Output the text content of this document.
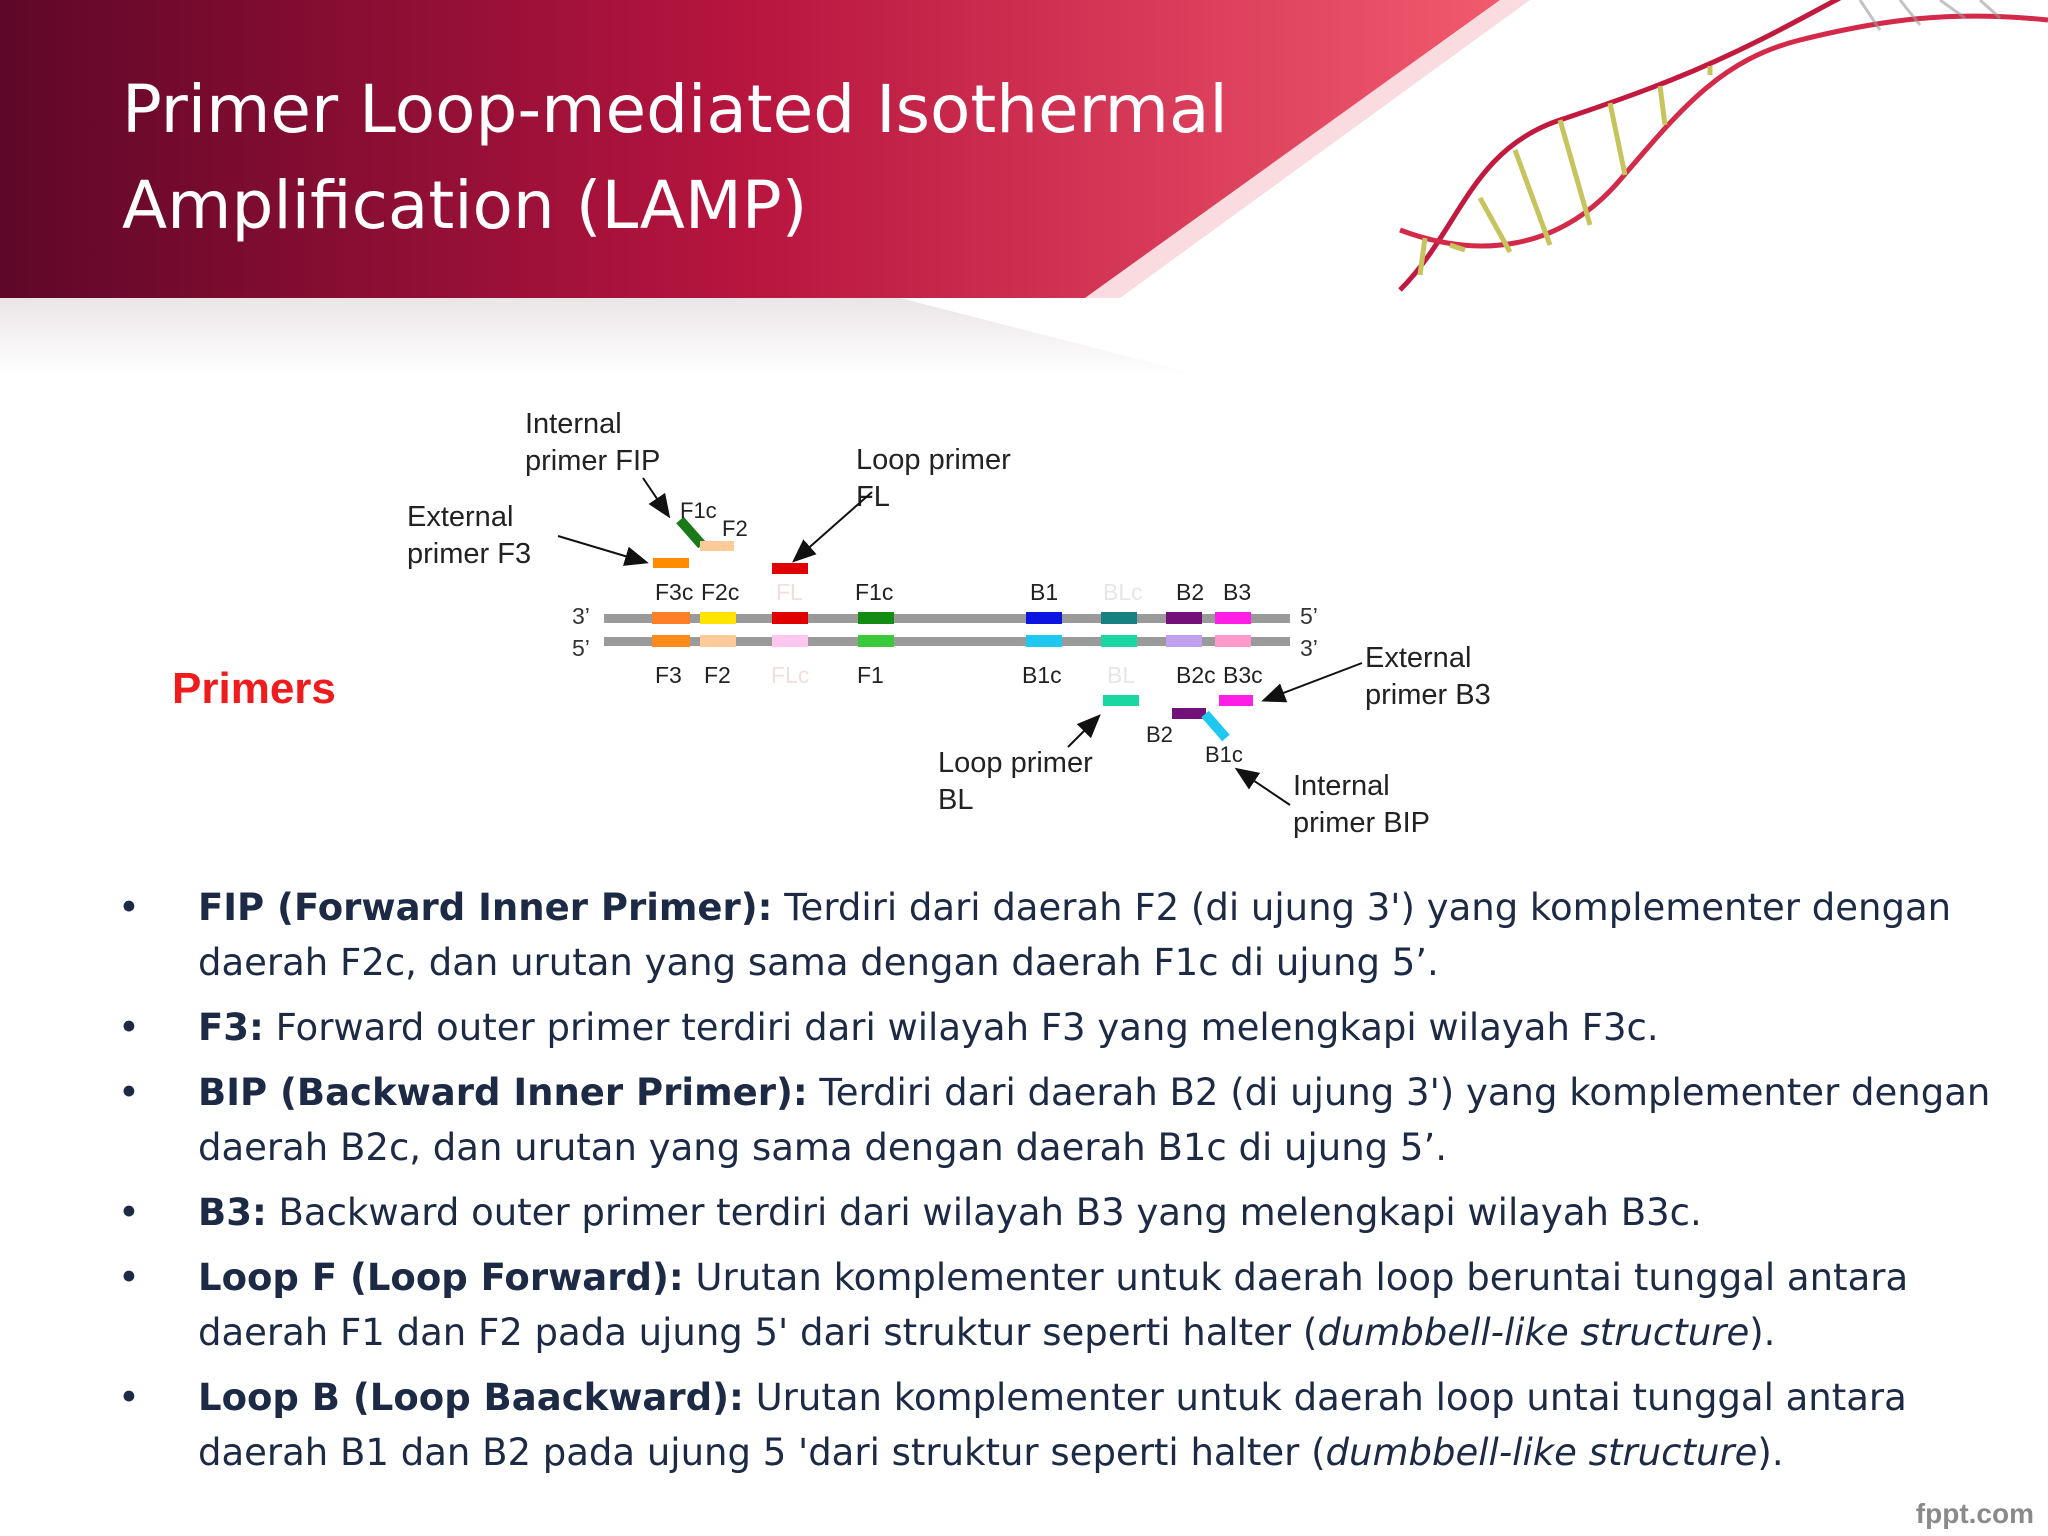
Primer Loop-mediated Isothermal
Amplification (LAMP)
Primers
Internal
primer FIP
External
primer F3
Loop primer
FL
External
primer B3
Loop primer
BL	Internal
primer BIP
F1c
F2
3’
5’
5’
3’
F3c F2c FL F1c	B1 BLc B2 B3
F3 F2 FLc F1	B1c BL B2c B3c
B2
B1c
• FIP (Forward Inner Primer): Terdiri dari daerah F2 (di ujung 3') yang komplementer dengan daerah F2c, dan urutan yang sama dengan daerah F1c di ujung 5’.
• F3: Forward outer primer terdiri dari wilayah F3 yang melengkapi wilayah F3c.
• BIP (Backward Inner Primer): Terdiri dari daerah B2 (di ujung 3') yang komplementer dengan daerah B2c, dan urutan yang sama dengan daerah B1c di ujung 5’.
• B3: Backward outer primer terdiri dari wilayah B3 yang melengkapi wilayah B3c.
• Loop F (Loop Forward): Urutan komplementer untuk daerah loop beruntai tunggal antara daerah F1 dan F2 pada ujung 5' dari struktur seperti halter (dumbbell-like structure).
• Loop B (Loop Baackward): Urutan komplementer untuk daerah loop untai tunggal antara daerah B1 dan B2 pada ujung 5 'dari struktur seperti halter (dumbbell-like structure).
fppt.com
